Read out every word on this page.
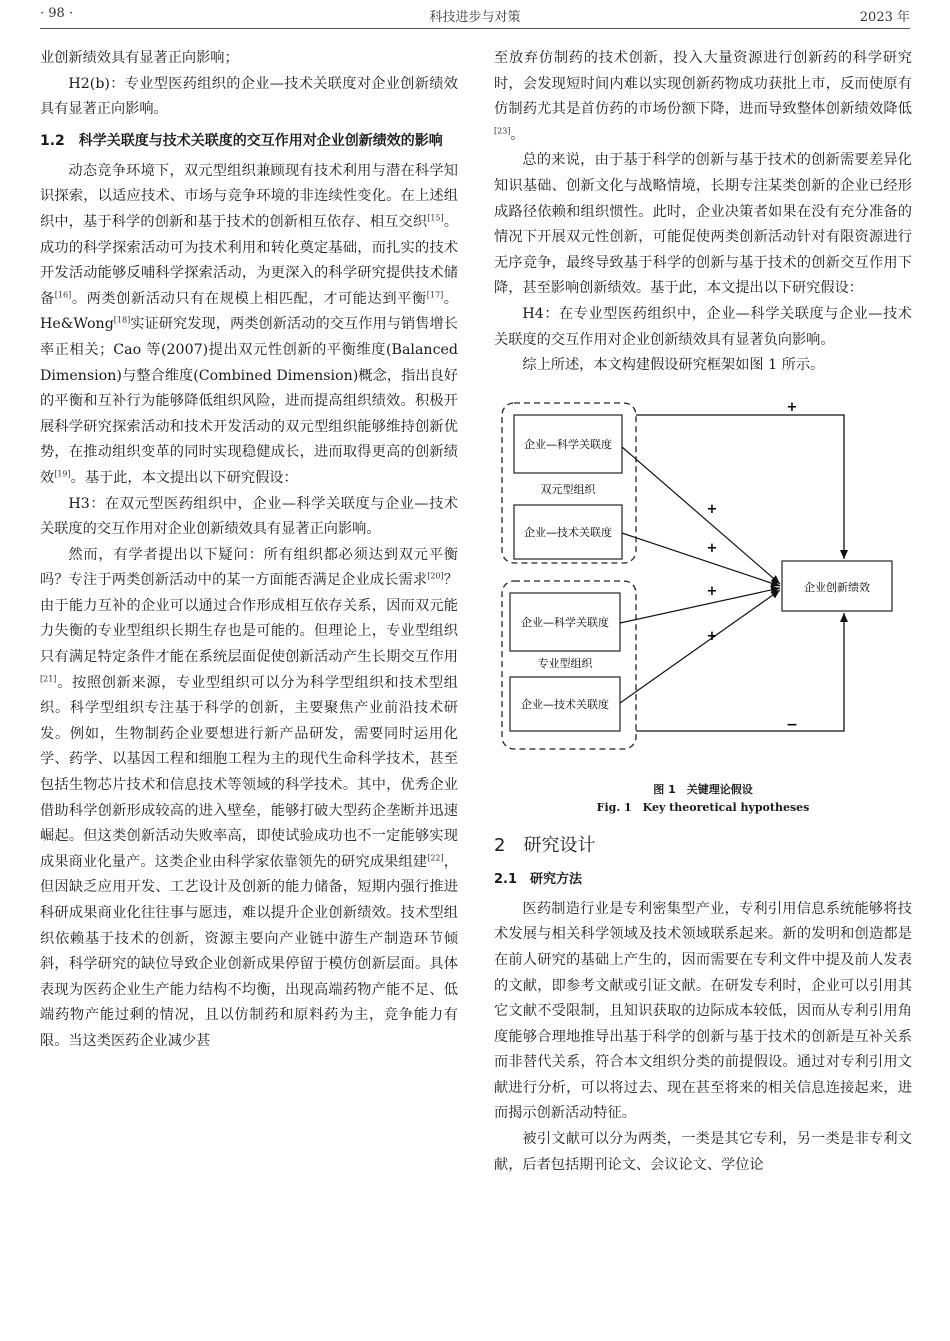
· 98 ·	科技进步与对策	2023 年

业创新绩效具有显著正向影响；

H2(b)：专业型医药组织的企业—技术关联度对企业创新绩效具有显著正向影响。

1.2　科学关联度与技术关联度的交互作用对企业创新绩效的影响

动态竞争环境下，双元型组织兼顾现有技术利用与潜在科学知识探索，以适应技术、市场与竞争环境的非连续性变化。在上述组织中，基于科学的创新和基于技术的创新相互依存、相互交织[15]。成功的科学探索活动可为技术利用和转化奠定基础，而扎实的技术开发活动能够反哺科学探索活动，为更深入的科学研究提供技术储备[16]。两类创新活动只有在规模上相匹配，才可能达到平衡[17]。He&Wong[18]实证研究发现，两类创新活动的交互作用与销售增长率正相关；Cao 等(2007)提出双元性创新的平衡维度(Balanced Dimension)与整合维度(Combined Dimension)概念，指出良好的平衡和互补行为能够降低组织风险，进而提高组织绩效。积极开展科学研究探索活动和技术开发活动的双元型组织能够维持创新优势，在推动组织变革的同时实现稳健成长，进而取得更高的创新绩效[19]。基于此，本文提出以下研究假设：

H3：在双元型医药组织中，企业—科学关联度与企业—技术关联度的交互作用对企业创新绩效具有显著正向影响。

然而，有学者提出以下疑问：所有组织都必须达到双元平衡吗？专注于两类创新活动中的某一方面能否满足企业成长需求[20]？由于能力互补的企业可以通过合作形成相互依存关系，因而双元能力失衡的专业型组织长期生存也是可能的。但理论上，专业型组织只有满足特定条件才能在系统层面促使创新活动产生长期交互作用[21]。按照创新来源，专业型组织可以分为科学型组织和技术型组织。科学型组织专注基于科学的创新，主要聚焦产业前沿技术研发。例如，生物制药企业要想进行新产品研发，需要同时运用化学、药学、以基因工程和细胞工程为主的现代生命科学技术，甚至包括生物芯片技术和信息技术等领域的科学技术。其中，优秀企业借助科学创新形成较高的进入壁垒，能够打破大型药企垄断并迅速崛起。但这类创新活动失败率高，即使试验成功也不一定能够实现成果商业化量产。这类企业由科学家依靠领先的研究成果组建[22]，但因缺乏应用开发、工艺设计及创新的能力储备，短期内强行推进科研成果商业化往往事与愿违，难以提升企业创新绩效。技术型组织依赖基于技术的创新，资源主要向产业链中游生产制造环节倾斜，科学研究的缺位导致企业创新成果停留于模仿创新层面。具体表现为医药企业生产能力结构不均衡，出现高端药物产能不足、低端药物产能过剩的情况，且以仿制药和原料药为主，竞争能力有限。当这类医药企业减少甚

至放弃仿制药的技术创新，投入大量资源进行创新药的科学研究时，会发现短时间内难以实现创新药物成功获批上市，反而使原有仿制药尤其是首仿药的市场份额下降，进而导致整体创新绩效降低[23]。

总的来说，由于基于科学的创新与基于技术的创新需要差异化知识基础、创新文化与战略情境，长期专注某类创新的企业已经形成路径依赖和组织惯性。此时，企业决策者如果在没有充分准备的情况下开展双元性创新，可能促使两类创新活动针对有限资源进行无序竞争，最终导致基于科学的创新与基于技术的创新交互作用下降，甚至影响创新绩效。基于此，本文提出以下研究假设：

H4：在专业型医药组织中，企业—科学关联度与企业—技术关联度的交互作用对企业创新绩效具有显著负向影响。

综上所述，本文构建假设研究框架如图 1 所示。

企业—科学关联度
企业—技术关联度
双元型组织
企业—科学关联度
企业—技术关联度
专业型组织
企业创新绩效
+
+
+
+
+
−
图 1　关键理论假设
Fig. 1　Key theoretical hypotheses
2　研究设计
2.1　研究方法

医药制造行业是专利密集型产业，专利引用信息系统能够将技术发展与相关科学领域及技术领域联系起来。新的发明和创造都是在前人研究的基础上产生的，因而需要在专利文件中提及前人发表的文献，即参考文献或引证文献。在研发专利时，企业可以引用其它文献不受限制，且知识获取的边际成本较低，因而从专利引用角度能够合理地推导出基于科学的创新与基于技术的创新是互补关系而非替代关系，符合本文组织分类的前提假设。通过对专利引用文献进行分析，可以将过去、现在甚至将来的相关信息连接起来，进而揭示创新活动特征。

被引文献可以分为两类，一类是其它专利，另一类是非专利文献，后者包括期刊论文、会议论文、学位论
